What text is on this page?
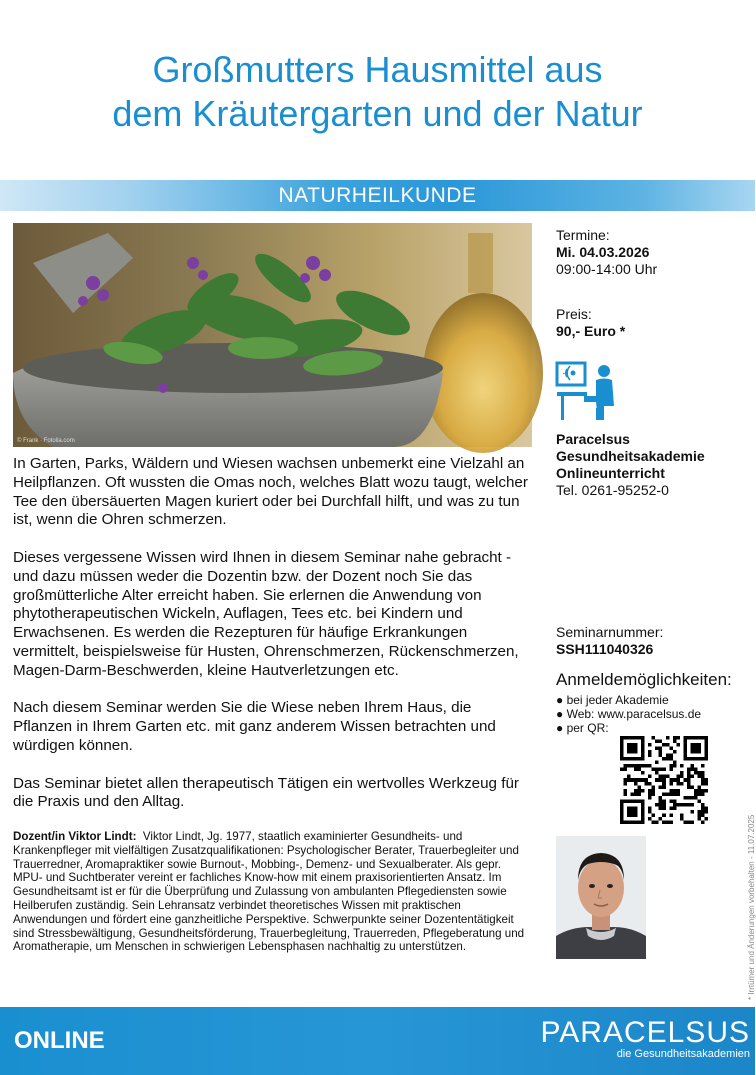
Großmutters Hausmittel aus
dem Kräutergarten und der Natur
NATURHEILKUNDE
© Frank · Fotolia.com

In Garten, Parks, Wäldern und Wiesen wachsen unbemerkt eine Vielzahl an Heilpflanzen. Oft wussten die Omas noch, welches Blatt wozu taugt, welcher Tee den übersäuerten Magen kuriert oder bei Durchfall hilft, und was zu tun ist, wenn die Ohren schmerzen.

Dieses vergessene Wissen wird Ihnen in diesem Seminar nahe gebracht - und dazu müssen weder die Dozentin bzw. der Dozent noch Sie das großmütterliche Alter erreicht haben. Sie erlernen die Anwendung von phytotherapeutischen Wickeln, Auflagen, Tees etc. bei Kindern und Erwachsenen. Es werden die Rezepturen für häufige Erkrankungen vermittelt, beispielsweise für Husten, Ohrenschmerzen, Rückenschmerzen, Magen-Darm-Beschwerden, kleine Hautverletzungen etc.

Nach diesem Seminar werden Sie die Wiese neben Ihrem Haus, die Pflanzen in Ihrem Garten etc. mit ganz anderem Wissen betrachten und würdigen können.

Das Seminar bietet allen therapeutisch Tätigen ein wertvolles Werkzeug für die Praxis und den Alltag.

Dozent/in Viktor Lindt: Viktor Lindt, Jg. 1977, staatlich examinierter Gesundheits- und Krankenpfleger mit vielfältigen Zusatzqualifikationen: Psychologischer Berater, Trauerbegleiter und Trauerredner, Aromapraktiker sowie Burnout-, Mobbing-, Demenz- und Sexualberater. Als gepr. MPU- und Suchtberater vereint er fachliches Know-how mit einem praxisorientierten Ansatz. Im Gesundheitsamt ist er für die Überprüfung und Zulassung von ambulanten Pflegediensten sowie Heilberufen zuständig. Sein Lehransatz verbindet theoretisches Wissen mit praktischen Anwendungen und fördert eine ganzheitliche Perspektive. Schwerpunkte seiner Dozententätigkeit sind Stressbewältigung, Gesundheitsförderung, Trauerbegleitung, Trauerreden, Pflegeberatung und Aromatherapie, um Menschen in schwierigen Lebensphasen nachhaltig zu unterstützen.
Termine:
Mi. 04.03.2026
09:00-14:00 Uhr
Preis:
90,- Euro *
Paracelsus
Gesundheitsakademie
Onlineunterricht
Tel. 0261-95252-0
Seminarnummer:
SSH111040326
Anmeldemöglichkeiten:
● bei jeder Akademie
● Web: www.paracelsus.de
● per QR:
* Irrtümer und Änderungen vorbehalten - 11.07.2025
ONLINE	PARACELSUS
die Gesundheitsakademien
